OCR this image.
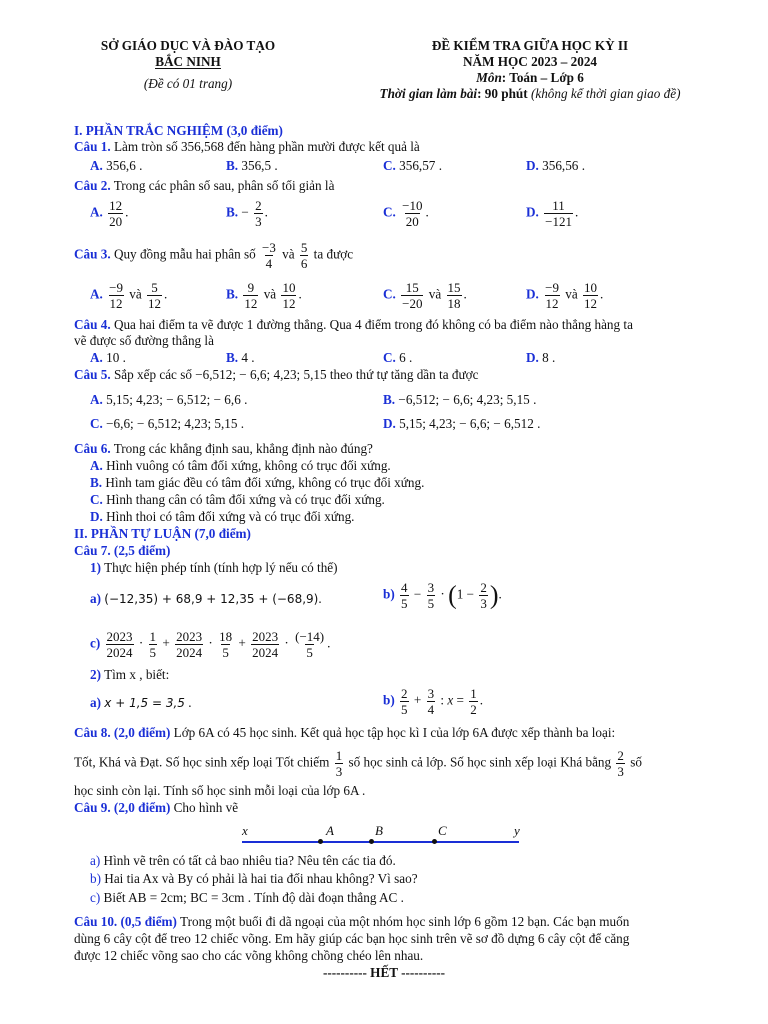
SỞ GIÁO DỤC VÀ ĐÀO TẠO
BẮC NINH
(Đề có 01 trang)
ĐỀ KIỂM TRA GIỮA HỌC KỲ II
NĂM HỌC 2023 – 2024
Môn: Toán – Lớp 6
Thời gian làm bài: 90 phút (không kể thời gian giao đề)
I. PHẦN TRẮC NGHIỆM (3,0 điểm)
Câu 1. Làm tròn số 356,568 đến hàng phần mười được kết quả là
A. 356,6 .	B. 356,5 .	C. 356,57 .	D. 356,56 .
Câu 2. Trong các phân số sau, phân số tối giản là
A. $\frac{12}{20}$ .	B. − $\frac{2}{3}$ .	C. $\frac{-10}{20}$ .	D. $\frac{11}{-121}$ .
Câu 3. Quy đồng mẫu hai phân số $\frac{-3}{4}$ và $\frac{5}{6}$ ta được
A. $\frac{-9}{12}$ và $\frac{5}{12}$ .	B. $\frac{9}{12}$ và $\frac{10}{12}$ .	C. $\frac{15}{-20}$ và $\frac{15}{18}$ .	D. $\frac{-9}{12}$ và $\frac{10}{12}$ .
Câu 4. Qua hai điểm ta vẽ được 1 đường thẳng. Qua 4 điểm trong đó không có ba điểm nào thẳng hàng ta
vẽ được số đường thẳng là
A. 10 .	B. 4 .	C. 6 .	D. 8 .
Câu 5. Sắp xếp các số −6,512; − 6,6; 4,23; 5,15 theo thứ tự tăng dần ta được
A. 5,15; 4,23; − 6,512; − 6,6 .	B. −6,512; − 6,6; 4,23; 5,15 .
C. −6,6; − 6,512; 4,23; 5,15 .	D. 5,15; 4,23; − 6,6; − 6,512 .
Câu 6. Trong các khẳng định sau, khẳng định nào đúng?
A. Hình vuông có tâm đối xứng, không có trục đối xứng.
B. Hình tam giác đều có tâm đối xứng, không có trục đối xứng.
C. Hình thang cân có tâm đối xứng và có trục đối xứng.
D. Hình thoi có tâm đối xứng và có trục đối xứng.
II. PHẦN TỰ LUẬN (7,0 điểm)
Câu 7. (2,5 điểm)
1) Thực hiện phép tính (tính hợp lý nếu có thể)
a) (−12,35) + 68,9 + 12,35 + (−68,9).	$b) \frac{4}{5} - \frac{3}{5} \cdot (1 - \frac{2}{3}$ ).
$c) \frac{2023}{2024} \cdot \frac{1}{5} + \frac{2023}{2024} \cdot \frac{18}{5} + \frac{2023}{2024} \cdot \frac{(-14)}{5}$ .
2) Tìm x , biết:
a) x + 1,5 = 3,5 .	$b) \frac{2}{5} + \frac{3}{4}$ : $x = \frac{1}{2}$ .
Câu 8. (2,0 điểm) Lớp 6A có 45 học sinh. Kết quả học tập học kì I của lớp 6A được xếp thành ba loại:
Tốt, Khá và Đạt. Số học sinh xếp loại Tốt chiếm $\frac{1}{3}$ số học sinh cả lớp. Số học sinh xếp loại Khá bằng $\frac{2}{3}$ số
học sinh còn lại. Tính số học sinh mỗi loại của lớp 6A .
Câu 9. (2,0 điểm) Cho hình vẽ
x	A	B	C	y
a) Hình vẽ trên có tất cả bao nhiêu tia? Nêu tên các tia đó.
b) Hai tia Ax và By có phải là hai tia đối nhau không? Vì sao?
c) Biết AB = 2cm; BC = 3cm . Tính độ dài đoạn thẳng AC .
Câu 10. (0,5 điểm) Trong một buổi đi dã ngoại của một nhóm học sinh lớp 6 gồm 12 bạn. Các bạn muốn
dùng 6 cây cột để treo 12 chiếc võng. Em hãy giúp các bạn học sinh trên vẽ sơ đồ dựng 6 cây cột để căng
được 12 chiếc võng sao cho các võng không chồng chéo lên nhau.
---------- HẾT ----------
